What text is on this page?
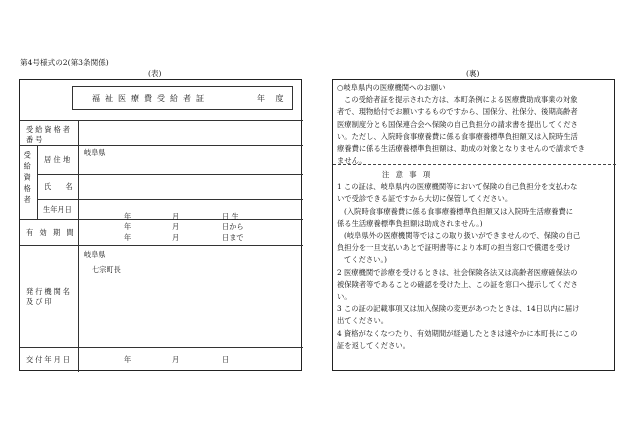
第4号様式の2(第3条関係)
(表)	(裏)
福祉医療費受給者証	年 度
受給資格者番号
受給資格者 居 住 地
岐阜県
氏 名
生年月日
年	月	日 生
有 効 期 間
年	月	日から
年	月	日まで
発行機関名及び印
岐阜県
七宗町長
交付年月日	年	月	日

○岐阜県内の医療機関へのお願い

この受給者証を提示された方は、本町条例による医療費助成事業の対象

者で、現物給付でお願いするものですから、国保分、社保分、後期高齢者

医療制度分とも国保連合会へ保険の自己負担分の請求書を提出してくださ

い。ただし、入院時食事療養費に係る食事療養標準負担額又は入院時生活

療養費に係る生活療養標準負担額は、助成の対象となりませんので請求でき

ません。

注 意 事 項

1 この証は、岐阜県内の医療機関等において保険の自己負担分を支払わな

いで受診できる証ですから大切に保管してください。

(入院時食事療養費に係る食事療養標準負担額又は入院時生活療養費に

係る生活療養標準負担額は助成されません。)

(岐阜県外の医療機関等ではこの取り扱いができませんので、保険の自己

負担分を一旦支払いあとで証明書等により本町の担当窓口で償還を受け

てください。)

2 医療機関で診療を受けるときは、社会保険各法又は高齢者医療確保法の

被保険者等であることの確認を受けた上、この証を窓口へ提示してくださ

い。

3 この証の記載事項又は加入保険の変更があつたときは、14日以内に届け

出てください。

4 資格がなくなつたり、有効期間が経過したときは速やかに本町長にこの

証を返してください。
